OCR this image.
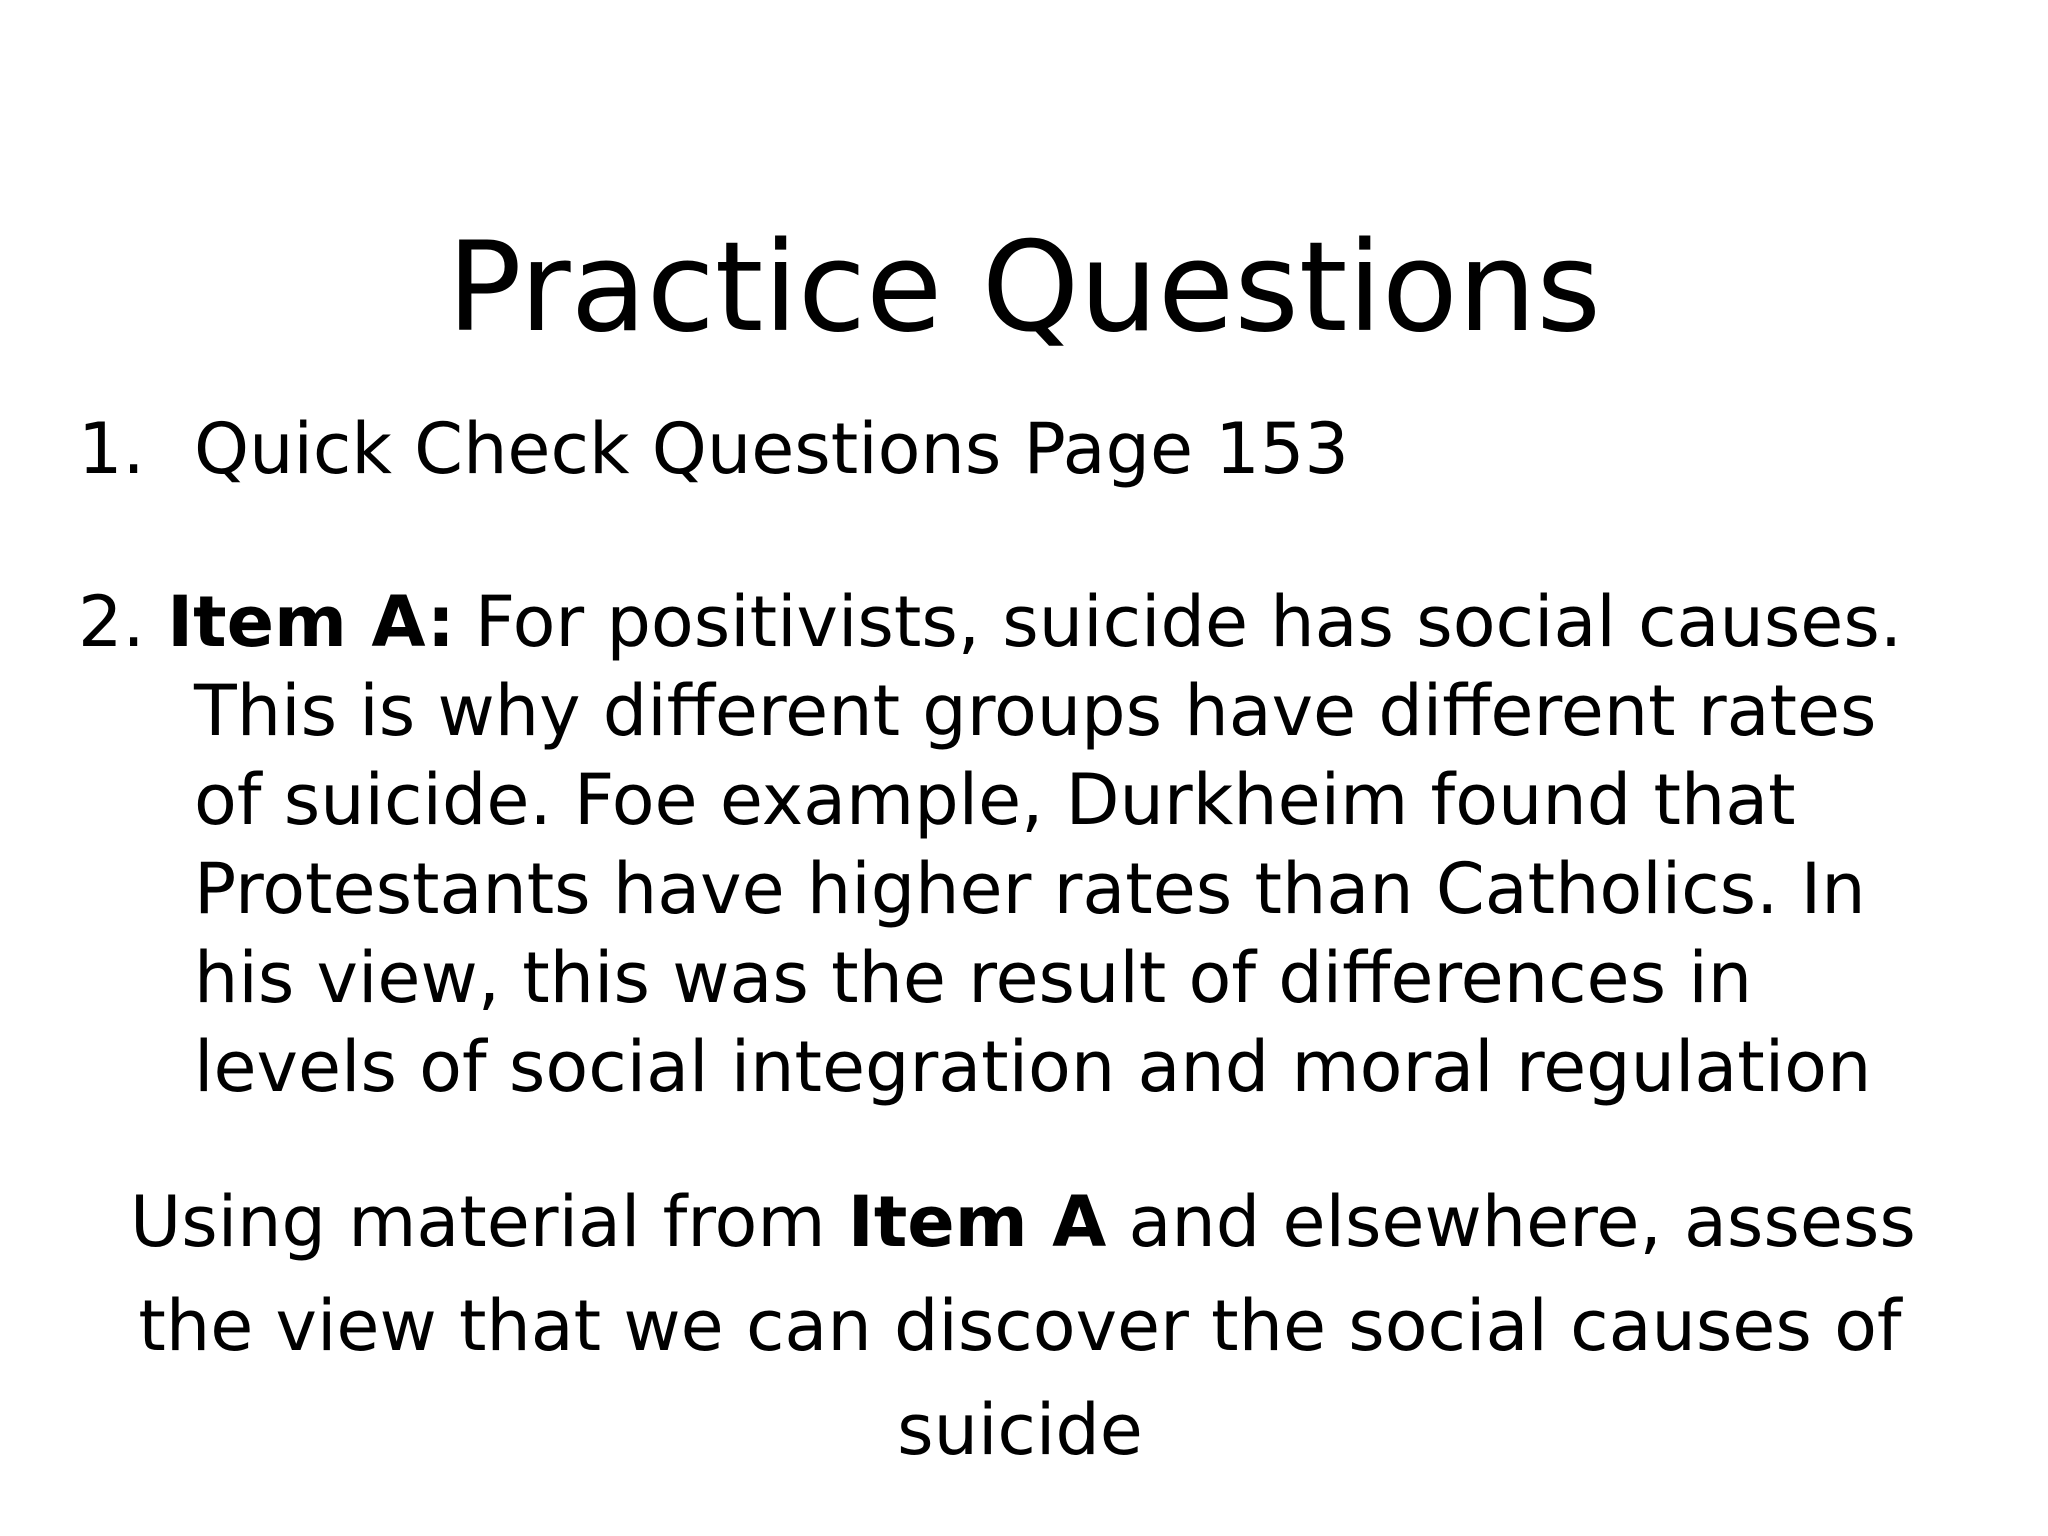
Practice Questions
1. Quick Check Questions Page 153
2. Item A: For positivists, suicide has social causes.
This is why different groups have different rates
of suicide. Foe example, Durkheim found that
Protestants have higher rates than Catholics. In
his view, this was the result of differences in
levels of social integration and moral regulation
Using material from Item A and elsewhere, assess
the view that we can discover the social causes of
suicide
